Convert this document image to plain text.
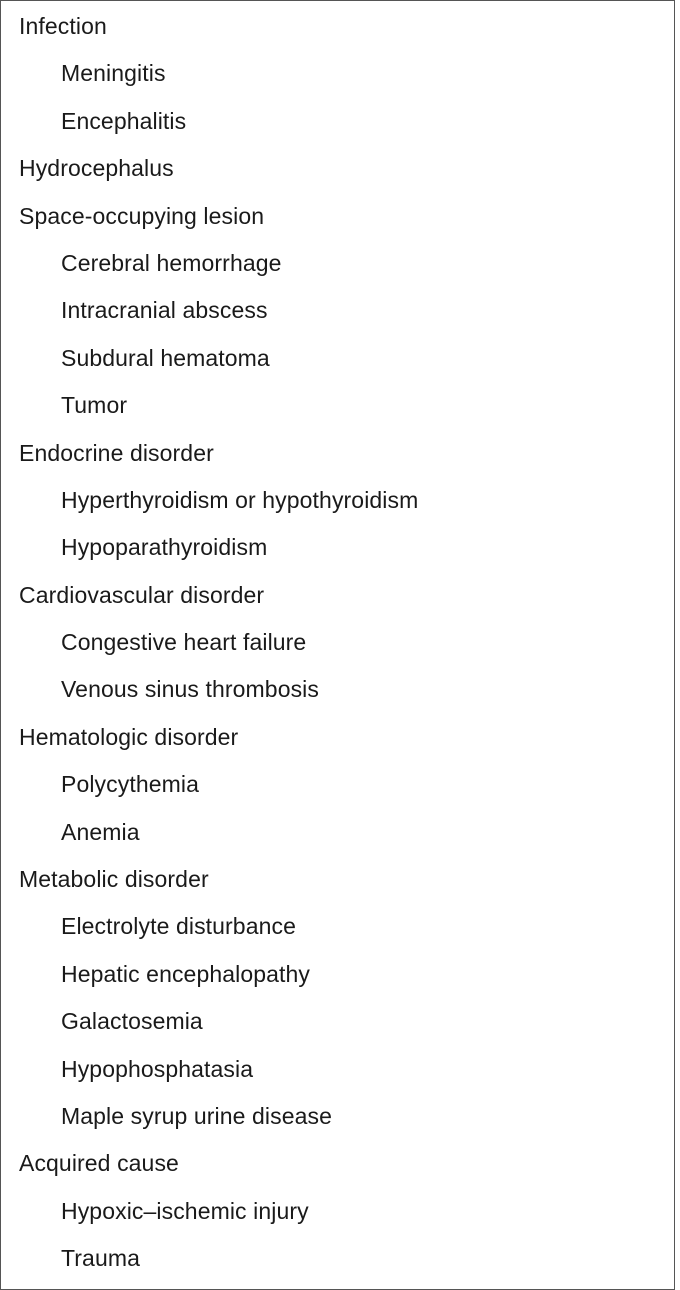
Infection
Meningitis
Encephalitis
Hydrocephalus
Space-occupying lesion
Cerebral hemorrhage
Intracranial abscess
Subdural hematoma
Tumor
Endocrine disorder
Hyperthyroidism or hypothyroidism
Hypoparathyroidism
Cardiovascular disorder
Congestive heart failure
Venous sinus thrombosis
Hematologic disorder
Polycythemia
Anemia
Metabolic disorder
Electrolyte disturbance
Hepatic encephalopathy
Galactosemia
Hypophosphatasia
Maple syrup urine disease
Acquired cause
Hypoxic–ischemic injury
Trauma
